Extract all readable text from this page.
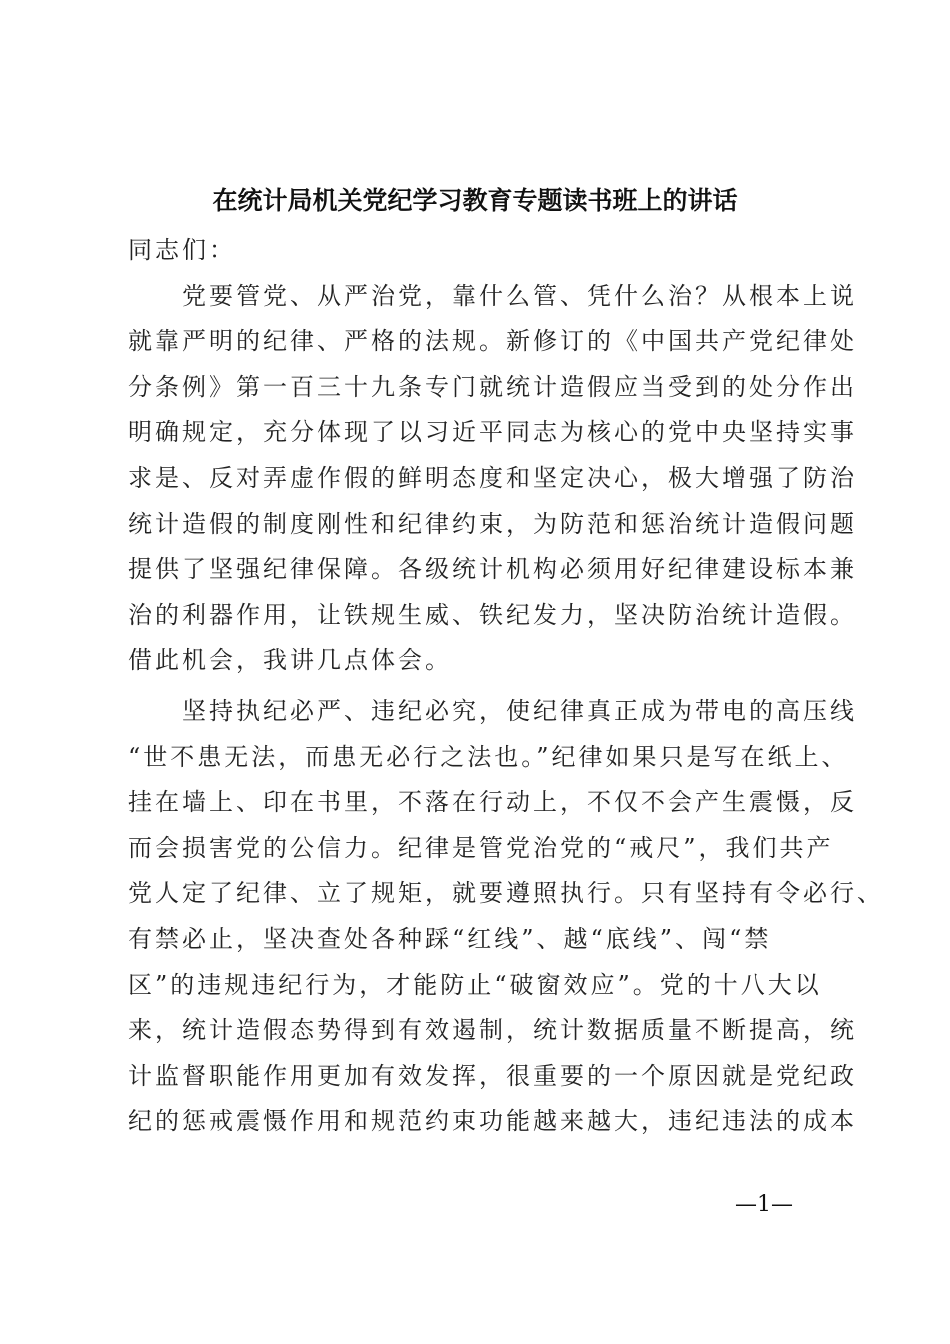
在统计局机关党纪学习教育专题读书班上的讲话
同志们：
　　党要管党、从严治党，靠什么管、凭什么治？从根本上说
就靠严明的纪律、严格的法规。新修订的《中国共产党纪律处
分条例》第一百三十九条专门就统计造假应当受到的处分作出
明确规定，充分体现了以习近平同志为核心的党中央坚持实事
求是、反对弄虚作假的鲜明态度和坚定决心，极大增强了防治
统计造假的制度刚性和纪律约束，为防范和惩治统计造假问题
提供了坚强纪律保障。各级统计机构必须用好纪律建设标本兼
治的利器作用，让铁规生威、铁纪发力，坚决防治统计造假。
借此机会，我讲几点体会。
　　坚持执纪必严、违纪必究，使纪律真正成为带电的高压线
“世不患无法，而患无必行之法也。”纪律如果只是写在纸上、
挂在墙上、印在书里，不落在行动上，不仅不会产生震慑，反
而会损害党的公信力。纪律是管党治党的“戒尺”，我们共产
党人定了纪律、立了规矩，就要遵照执行。只有坚持有令必行、
有禁必止，坚决查处各种踩“红线”、越“底线”、闯“禁
区”的违规违纪行为，才能防止“破窗效应”。党的十八大以
来，统计造假态势得到有效遏制，统计数据质量不断提高，统
计监督职能作用更加有效发挥，很重要的一个原因就是党纪政
纪的惩戒震慑作用和规范约束功能越来越大，违纪违法的成本
—1—
